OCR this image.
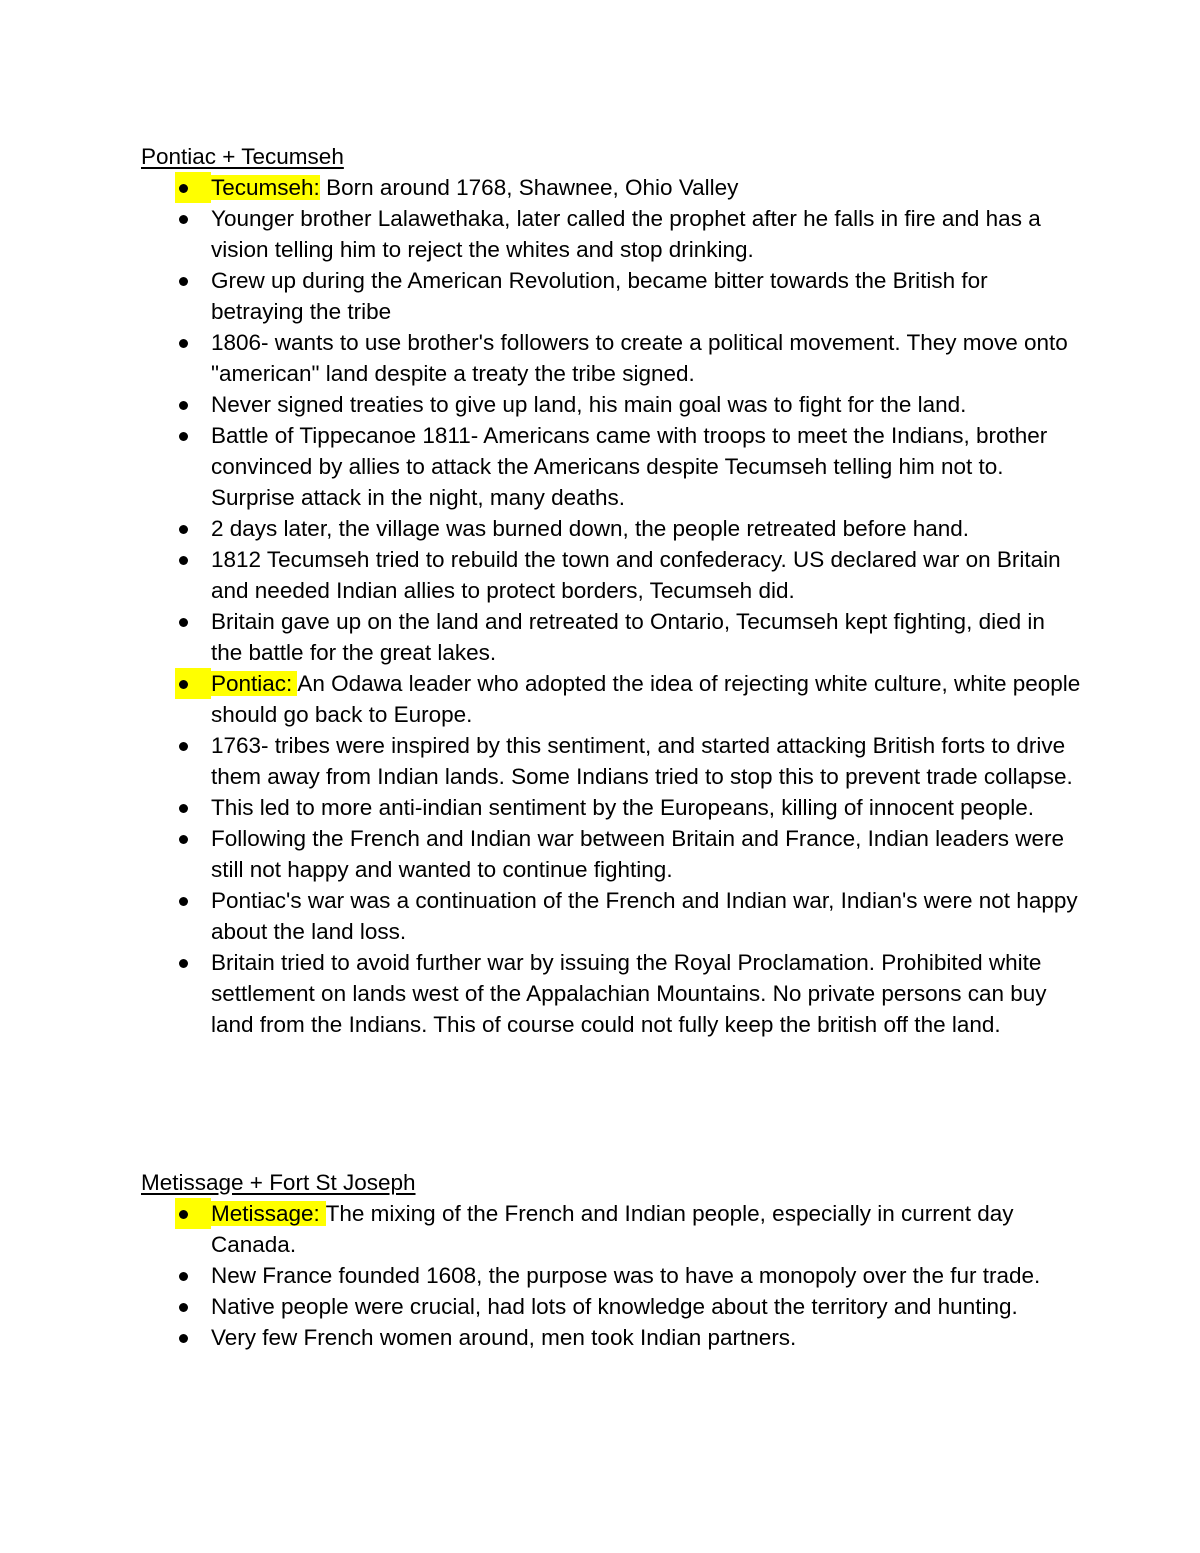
Pontiac + Tecumseh
Tecumseh: Born around 1768, Shawnee, Ohio Valley
Younger brother Lalawethaka, later called the prophet after he falls in fire and has a vision telling him to reject the whites and stop drinking.
Grew up during the American Revolution, became bitter towards the British for betraying the tribe
1806- wants to use brother's followers to create a political movement. They move onto "american" land despite a treaty the tribe signed.
Never signed treaties to give up land, his main goal was to fight for the land.
Battle of Tippecanoe 1811- Americans came with troops to meet the Indians, brother convinced by allies to attack the Americans despite Tecumseh telling him not to. Surprise attack in the night, many deaths.
2 days later, the village was burned down, the people retreated before hand.
1812 Tecumseh tried to rebuild the town and confederacy. US declared war on Britain and needed Indian allies to protect borders, Tecumseh did.
Britain gave up on the land and retreated to Ontario, Tecumseh kept fighting, died in the battle for the great lakes.
Pontiac: An Odawa leader who adopted the idea of rejecting white culture, white people should go back to Europe.
1763- tribes were inspired by this sentiment, and started attacking British forts to drive them away from Indian lands. Some Indians tried to stop this to prevent trade collapse.
This led to more anti-indian sentiment by the Europeans, killing of innocent people.
Following the French and Indian war between Britain and France, Indian leaders were still not happy and wanted to continue fighting.
Pontiac's war was a continuation of the French and Indian war, Indian's were not happy about the land loss.
Britain tried to avoid further war by issuing the Royal Proclamation. Prohibited white settlement on lands west of the Appalachian Mountains. No private persons can buy land from the Indians. This of course could not fully keep the british off the land.
Metissage + Fort St Joseph
Metissage: The mixing of the French and Indian people, especially in current day Canada.
New France founded 1608, the purpose was to have a monopoly over the fur trade.
Native people were crucial, had lots of knowledge about the territory and hunting.
Very few French women around, men took Indian partners.
